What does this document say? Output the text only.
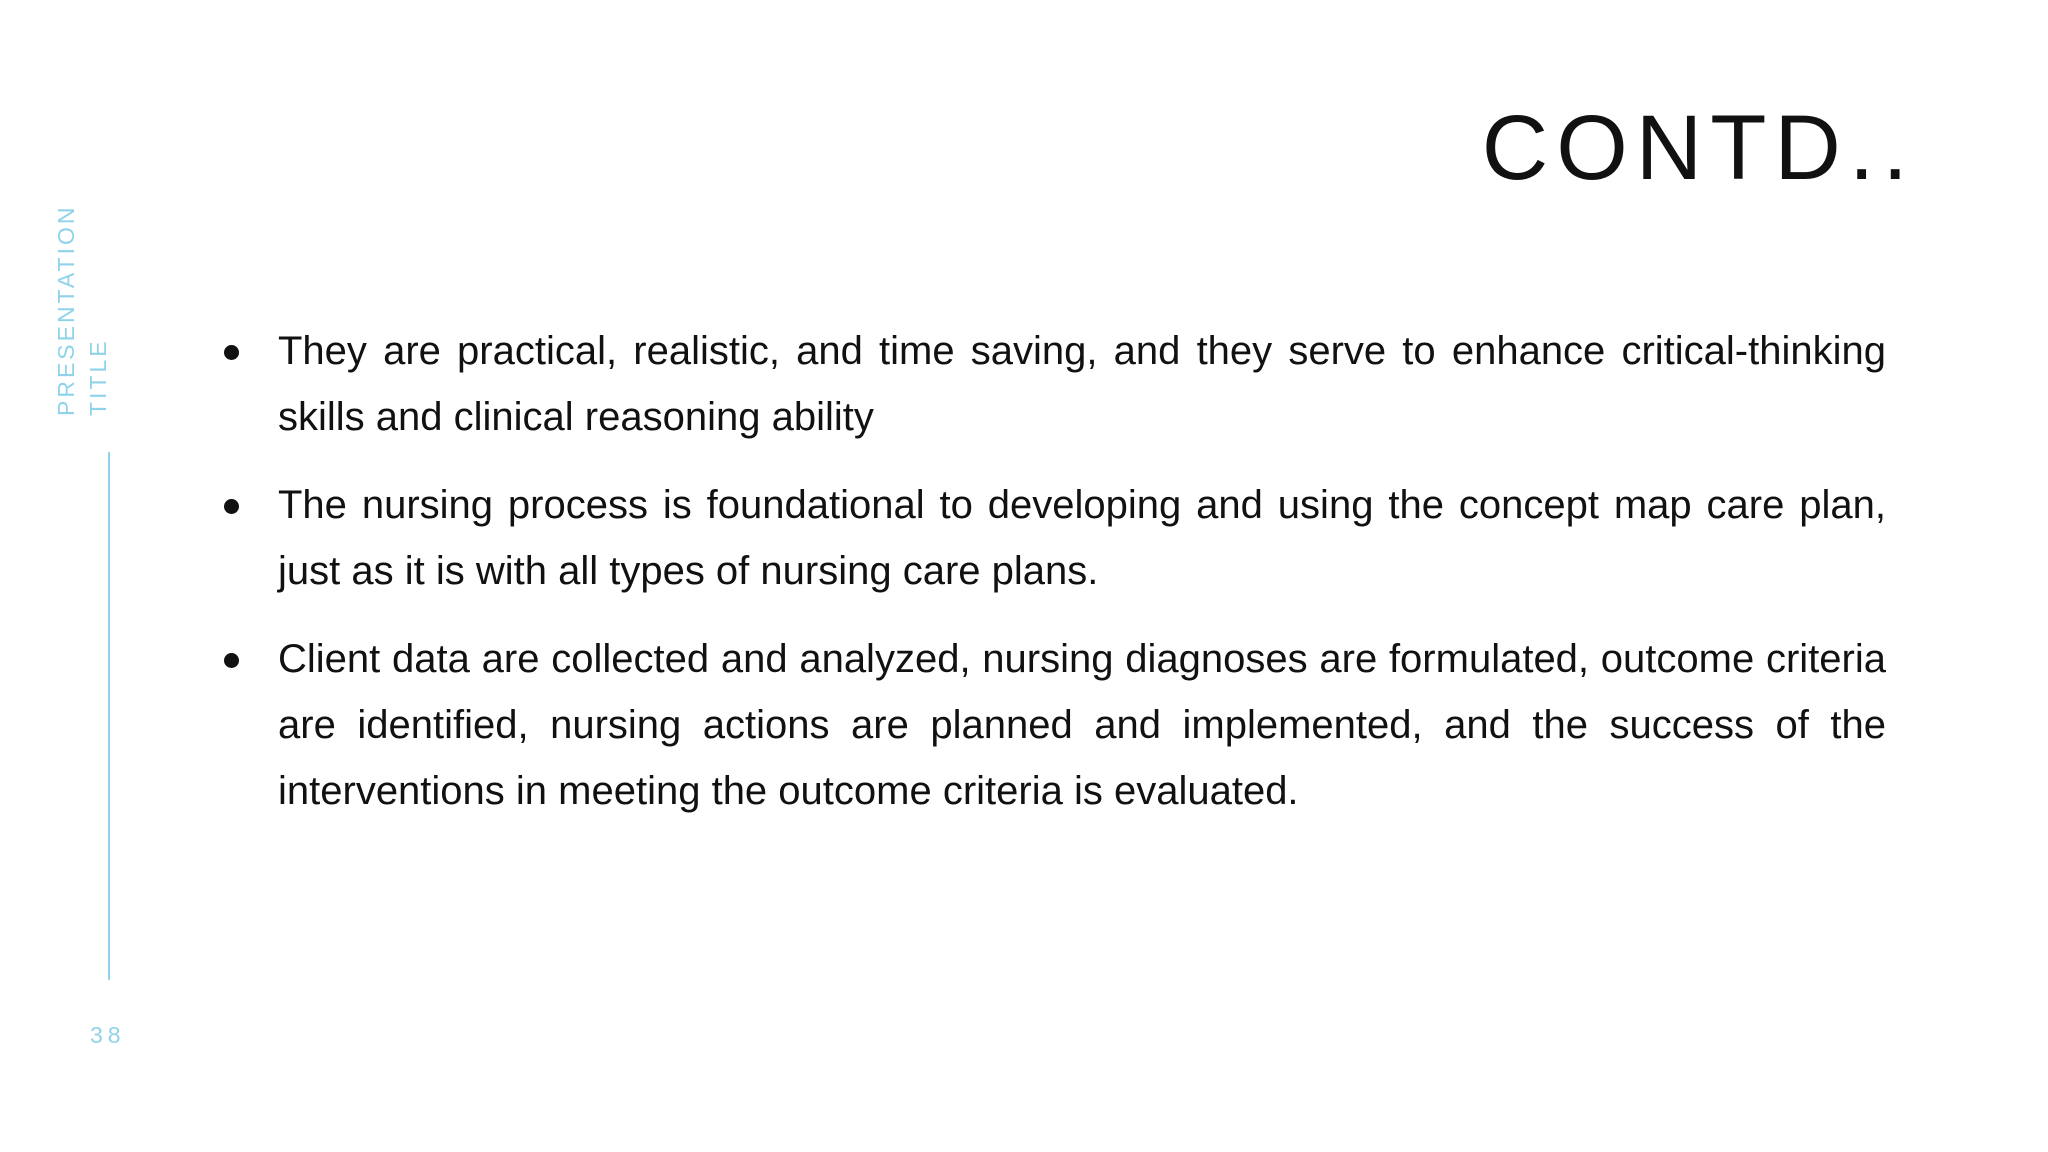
PRESENTATION TITLE
38
CONTD..
They are practical, realistic, and time saving, and they serve to enhance critical-thinking skills and clinical reasoning ability
The nursing process is foundational to developing and using the concept map care plan, just as it is with all types of nursing care plans.
Client data are collected and analyzed, nursing diagnoses are formulated, outcome criteria are identified, nursing actions are planned and implemented, and the success of the interventions in meeting the outcome criteria is evaluated.
